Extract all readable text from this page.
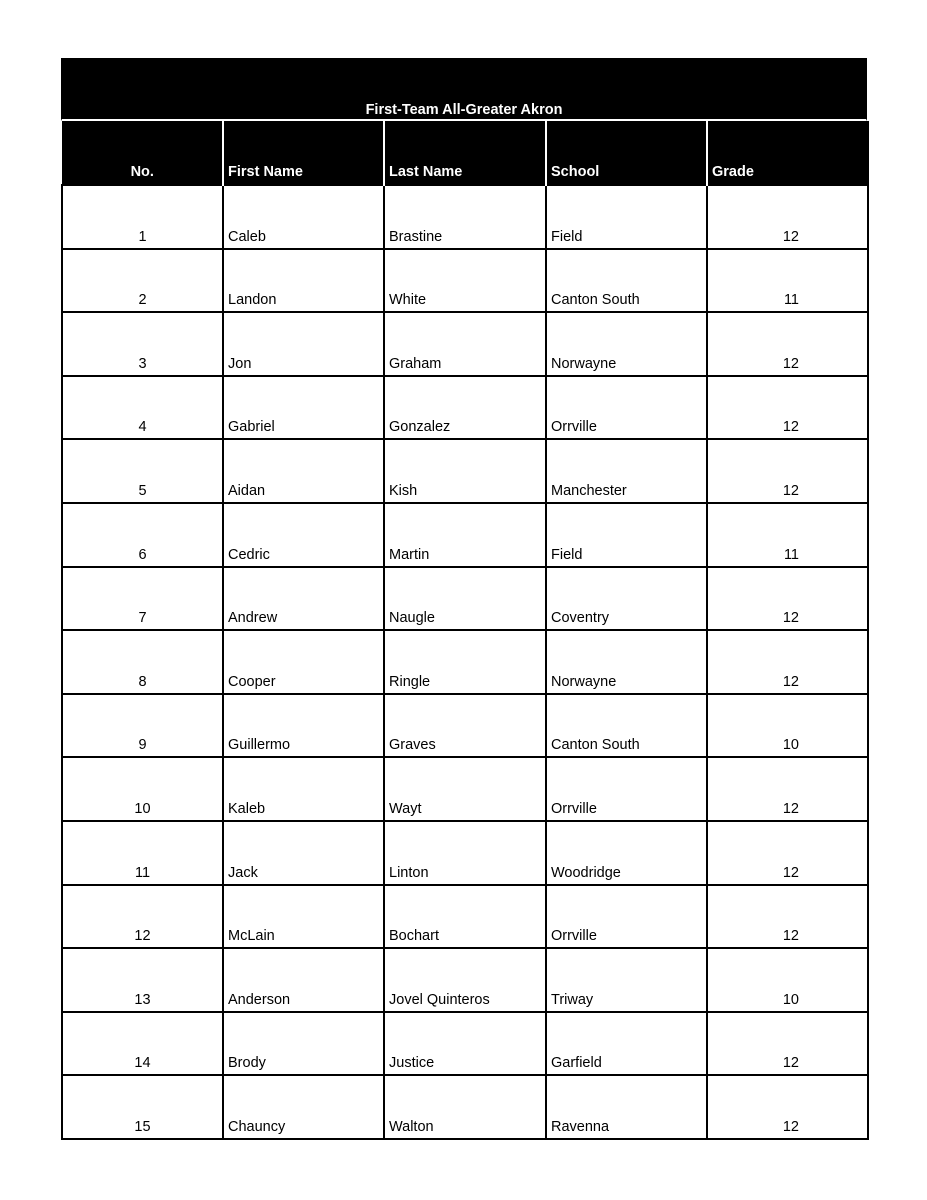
First-Team All-Greater Akron
No.	First Name	Last Name	School	Grade
1	Caleb	Brastine	Field	12
2	Landon	White	Canton South	11
3	Jon	Graham	Norwayne	12
4	Gabriel	Gonzalez	Orrville	12
5	Aidan	Kish	Manchester	12
6	Cedric	Martin	Field	11
7	Andrew	Naugle	Coventry	12
8	Cooper	Ringle	Norwayne	12
9	Guillermo	Graves	Canton South	10
10	Kaleb	Wayt	Orrville	12
11	Jack	Linton	Woodridge	12
12	McLain	Bochart	Orrville	12
13	Anderson	Jovel Quinteros	Triway	10
14	Brody	Justice	Garfield	12
15	Chauncy	Walton	Ravenna	12
